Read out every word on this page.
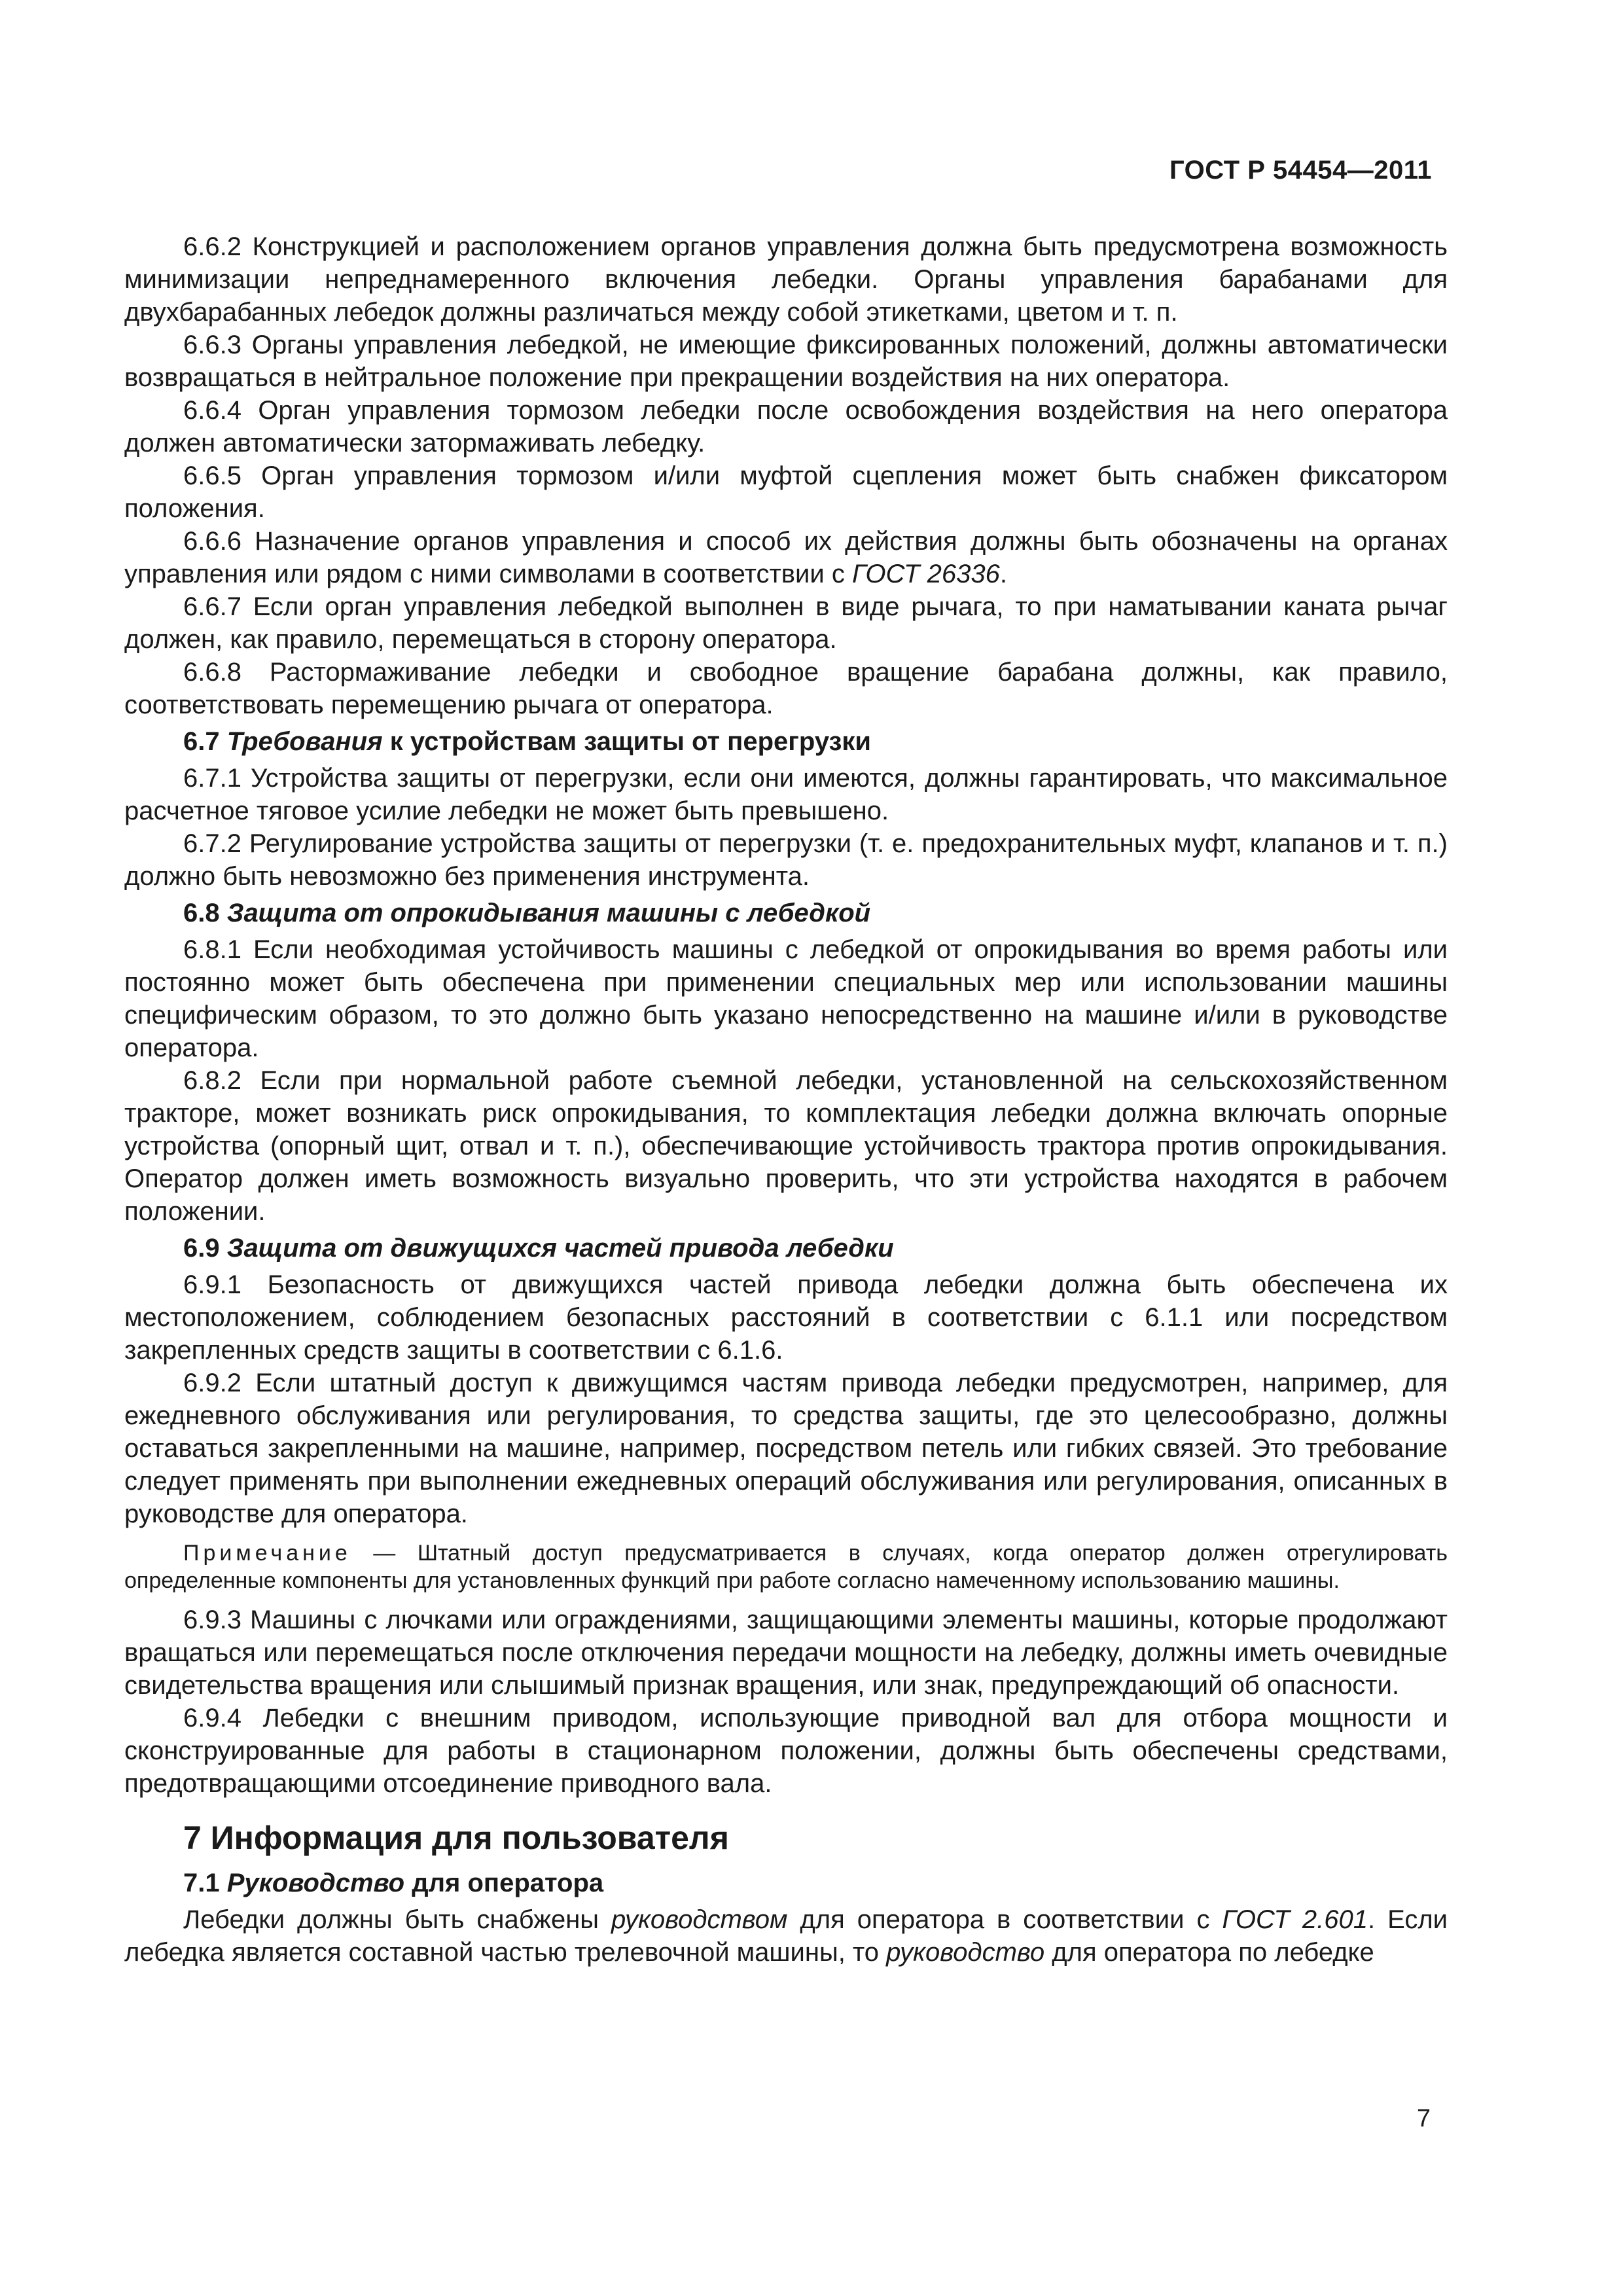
ГОСТ Р 54454—2011

6.6.2 Конструкцией и расположением органов управления должна быть предусмотрена возможность минимизации непреднамеренного включения лебедки. Органы управления барабанами для двухбарабанных лебедок должны различаться между собой этикетками, цветом и т. п.

6.6.3 Органы управления лебедкой, не имеющие фиксированных положений, должны автоматически возвращаться в нейтральное положение при прекращении воздействия на них оператора.

6.6.4 Орган управления тормозом лебедки после освобождения воздействия на него оператора должен автоматически затормаживать лебедку.

6.6.5 Орган управления тормозом и/или муфтой сцепления может быть снабжен фиксатором положения.

6.6.6 Назначение органов управления и способ их действия должны быть обозначены на органах управления или рядом с ними символами в соответствии с ГОСТ 26336.

6.6.7 Если орган управления лебедкой выполнен в виде рычага, то при наматывании каната рычаг должен, как правило, перемещаться в сторону оператора.

6.6.8 Растормаживание лебедки и свободное вращение барабана должны, как правило, соответствовать перемещению рычага от оператора.

6.7 Требования к устройствам защиты от перегрузки

6.7.1 Устройства защиты от перегрузки, если они имеются, должны гарантировать, что максимальное расчетное тяговое усилие лебедки не может быть превышено.

6.7.2 Регулирование устройства защиты от перегрузки (т. е. предохранительных муфт, клапанов и т. п.) должно быть невозможно без применения инструмента.

6.8 Защита от опрокидывания машины с лебедкой

6.8.1 Если необходимая устойчивость машины с лебедкой от опрокидывания во время работы или постоянно может быть обеспечена при применении специальных мер или использовании машины специфическим образом, то это должно быть указано непосредственно на машине и/или в руководстве оператора.

6.8.2 Если при нормальной работе съемной лебедки, установленной на сельскохозяйственном тракторе, может возникать риск опрокидывания, то комплектация лебедки должна включать опорные устройства (опорный щит, отвал и т. п.), обеспечивающие устойчивость трактора против опрокидывания. Оператор должен иметь возможность визуально проверить, что эти устройства находятся в рабочем положении.

6.9 Защита от движущихся частей привода лебедки

6.9.1 Безопасность от движущихся частей привода лебедки должна быть обеспечена их местоположением, соблюдением безопасных расстояний в соответствии с 6.1.1 или посредством закрепленных средств защиты в соответствии с 6.1.6.

6.9.2 Если штатный доступ к движущимся частям привода лебедки предусмотрен, например, для ежедневного обслуживания или регулирования, то средства защиты, где это целесообразно, должны оставаться закрепленными на машине, например, посредством петель или гибких связей. Это требование следует применять при выполнении ежедневных операций обслуживания или регулирования, описанных в руководстве для оператора.

Примечание — Штатный доступ предусматривается в случаях, когда оператор должен отрегулировать определенные компоненты для установленных функций при работе согласно намеченному использованию машины.

6.9.3 Машины с лючками или ограждениями, защищающими элементы машины, которые продолжают вращаться или перемещаться после отключения передачи мощности на лебедку, должны иметь очевидные свидетельства вращения или слышимый признак вращения, или знак, предупреждающий об опасности.

6.9.4 Лебедки с внешним приводом, использующие приводной вал для отбора мощности и сконструированные для работы в стационарном положении, должны быть обеспечены средствами, предотвращающими отсоединение приводного вала.

7 Информация для пользователя
7.1 Руководство для оператора

Лебедки должны быть снабжены руководством для оператора в соответствии с ГОСТ 2.601. Если лебедка является составной частью трелевочной машины, то руководство для оператора по лебедке

7
